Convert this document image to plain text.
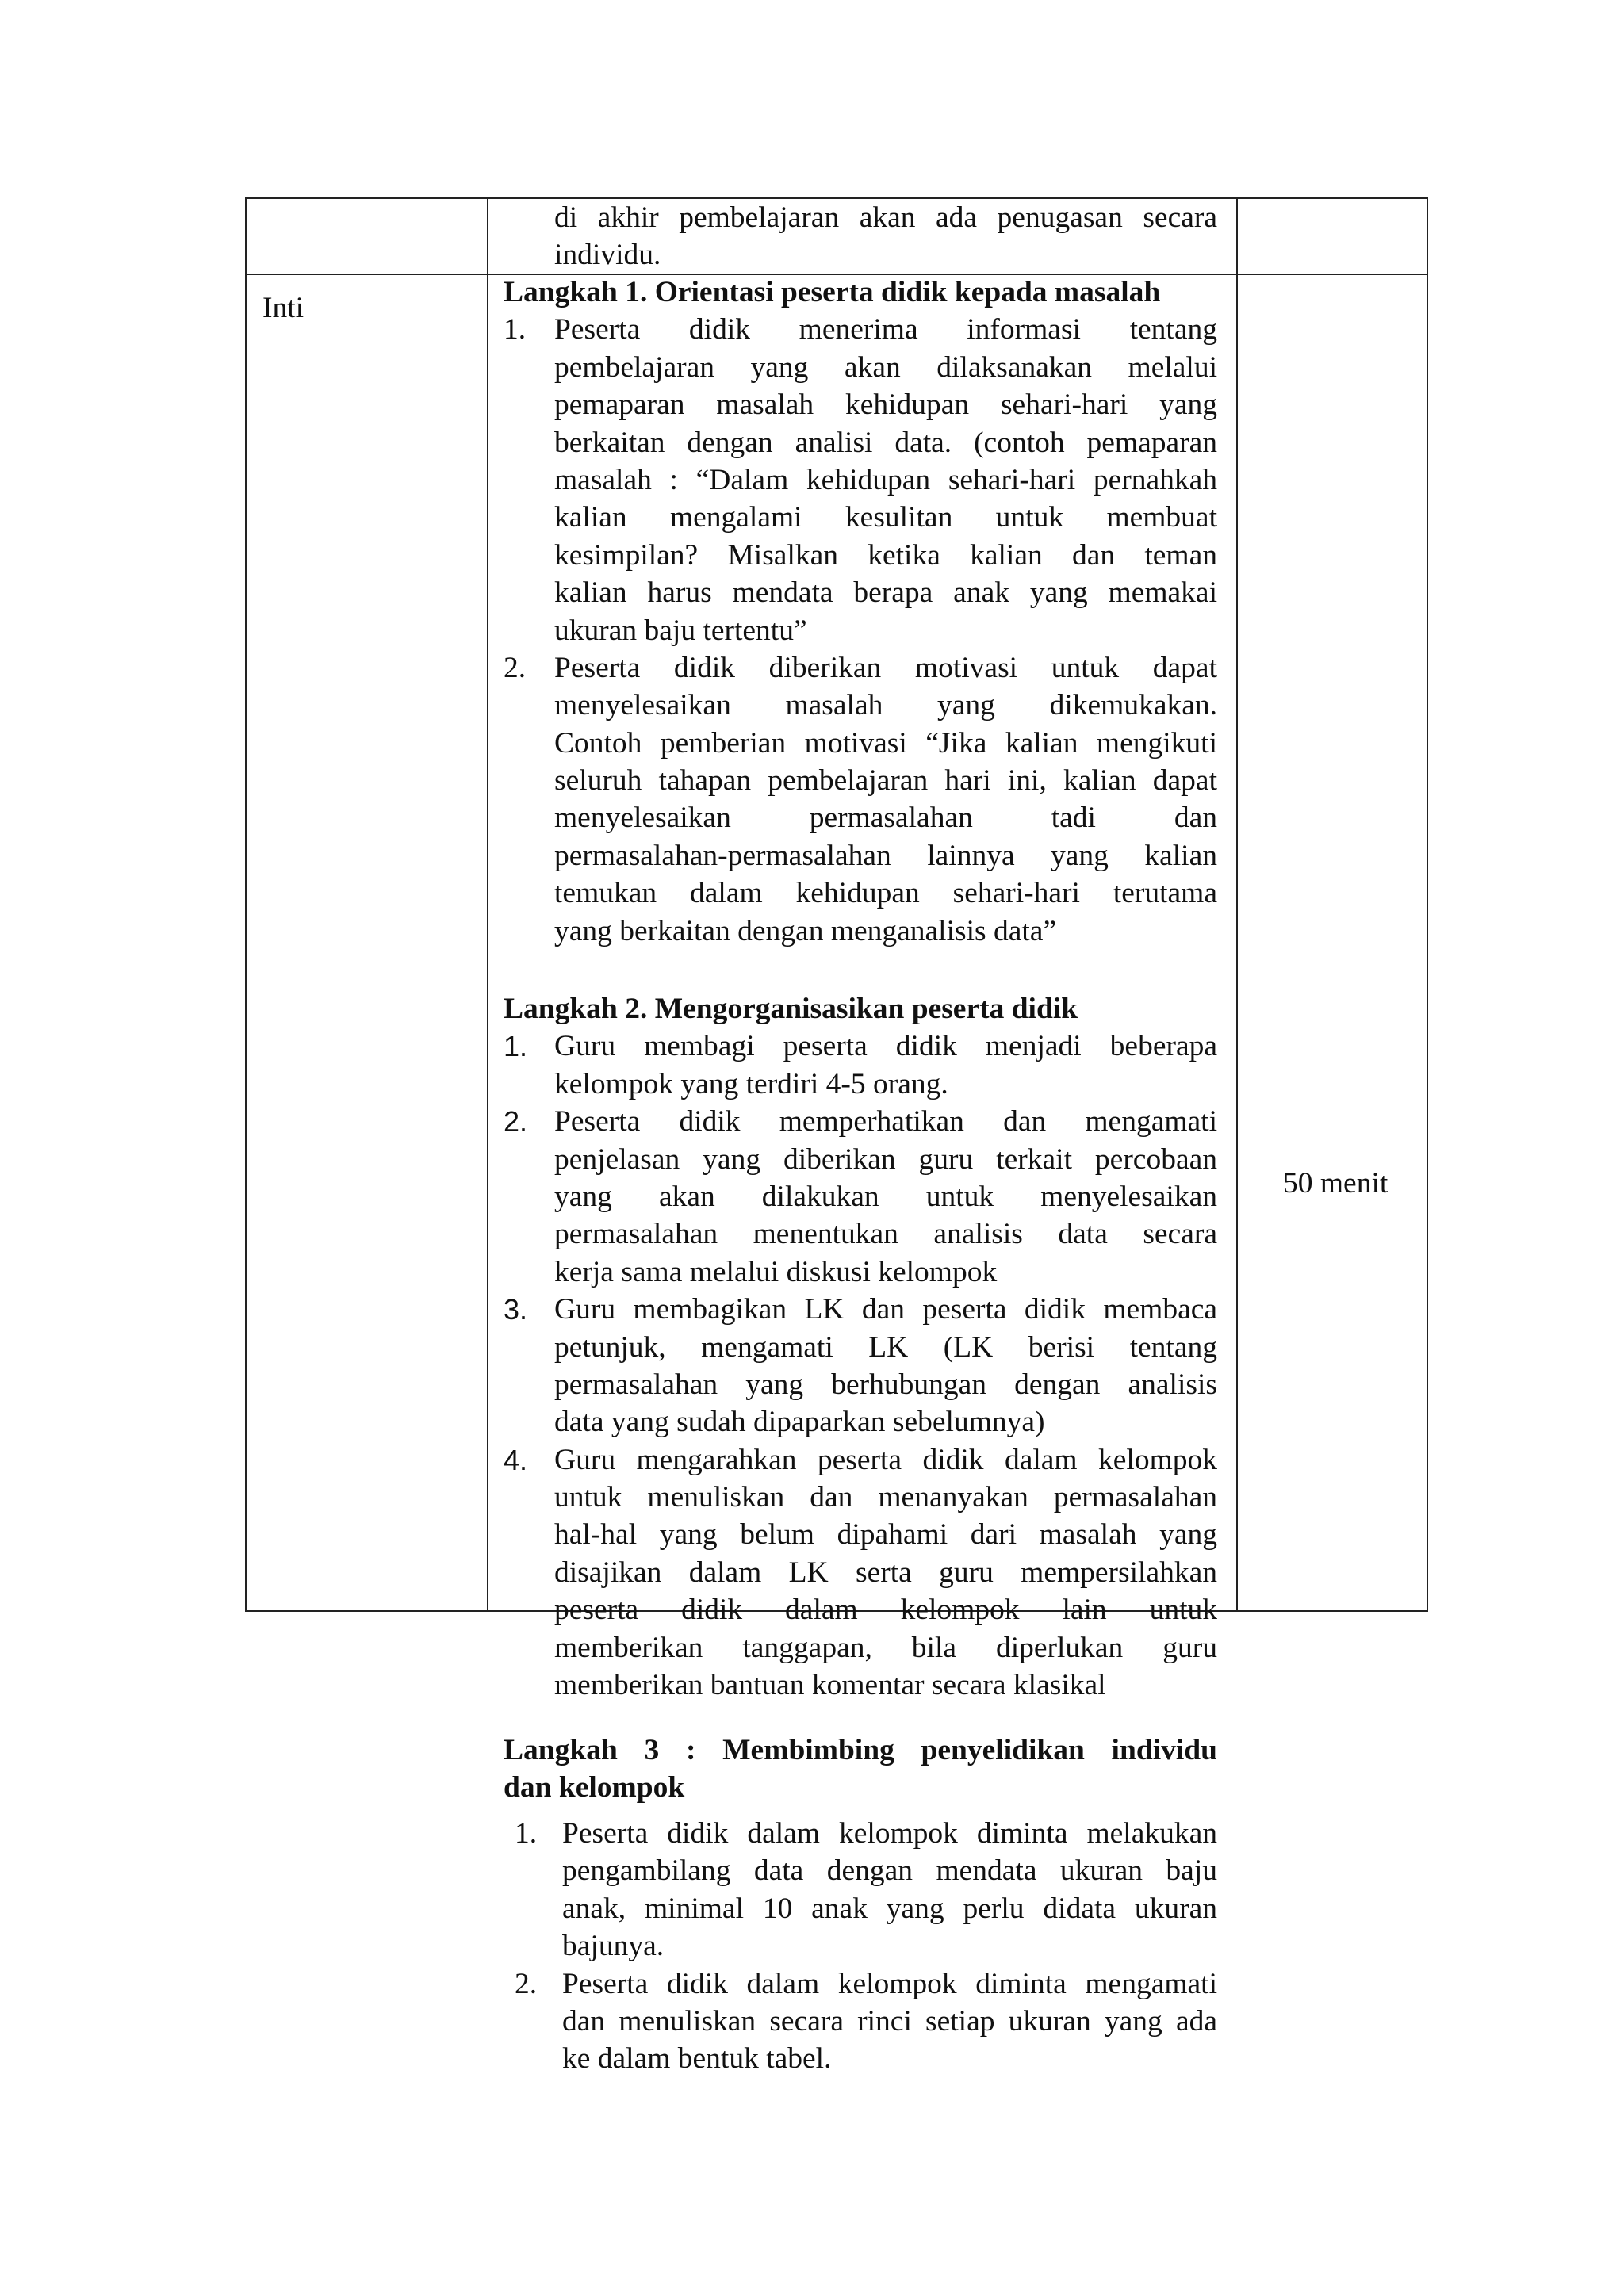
Inti
50 menit
di akhir pembelajaran akan ada penugasan secara
individu.
Langkah 1. Orientasi peserta didik kepada masalah
1. Peserta didik menerima informasi tentang
pembelajaran yang akan dilaksanakan melalui
pemaparan masalah kehidupan sehari-hari yang
berkaitan dengan analisi data. (contoh pemaparan
masalah : “Dalam kehidupan sehari-hari pernahkah
kalian mengalami kesulitan untuk membuat
kesimpilan? Misalkan ketika kalian dan teman
kalian harus mendata berapa anak yang memakai
ukuran baju tertentu”
2. Peserta didik diberikan motivasi untuk dapat
menyelesaikan masalah yang dikemukakan.
Contoh pemberian motivasi “Jika kalian mengikuti
seluruh tahapan pembelajaran hari ini, kalian dapat
menyelesaikan permasalahan tadi dan
permasalahan-permasalahan lainnya yang kalian
temukan dalam kehidupan sehari-hari terutama
yang berkaitan dengan menganalisis data”
Langkah 2. Mengorganisasikan peserta didik
1. Guru membagi peserta didik menjadi beberapa
kelompok yang terdiri 4-5 orang.
2. Peserta didik memperhatikan dan mengamati
penjelasan yang diberikan guru terkait percobaan
yang akan dilakukan untuk menyelesaikan
permasalahan menentukan analisis data secara
kerja sama melalui diskusi kelompok
3. Guru membagikan LK dan peserta didik membaca
petunjuk, mengamati LK (LK berisi tentang
permasalahan yang berhubungan dengan analisis
data yang sudah dipaparkan sebelumnya)
4. Guru mengarahkan peserta didik dalam kelompok
untuk menuliskan dan menanyakan permasalahan
hal-hal yang belum dipahami dari masalah yang
disajikan dalam LK serta guru mempersilahkan
peserta didik dalam kelompok lain untuk
memberikan tanggapan, bila diperlukan guru
memberikan bantuan komentar secara klasikal
Langkah 3 : Membimbing penyelidikan individu
dan kelompok
1. Peserta didik dalam kelompok diminta melakukan
pengambilang data dengan mendata ukuran baju
anak, minimal 10 anak yang perlu didata ukuran
bajunya.
2. Peserta didik dalam kelompok diminta mengamati
dan menuliskan secara rinci setiap ukuran yang ada
ke dalam bentuk tabel.
